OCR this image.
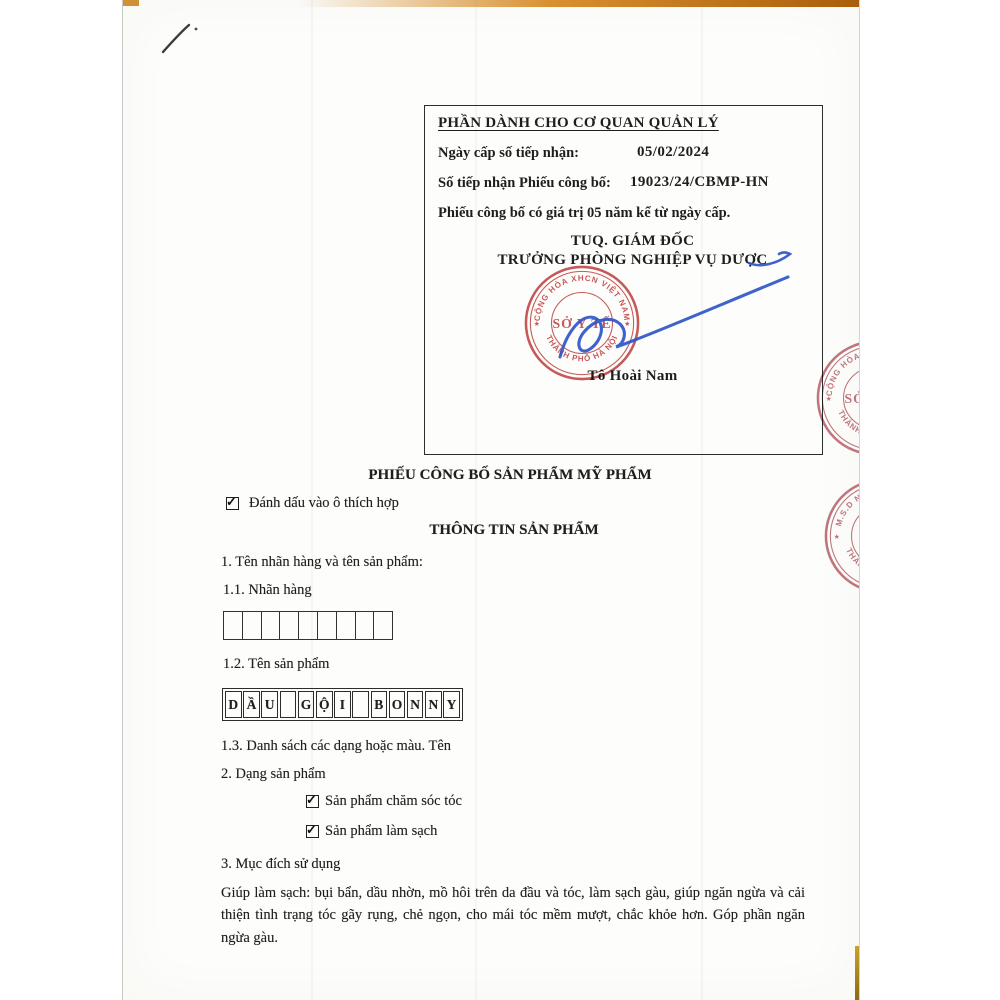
PHẦN DÀNH CHO CƠ QUAN QUẢN LÝ
Ngày cấp số tiếp nhận:	05/02/2024
Số tiếp nhận Phiếu công bố: 19023/24/CBMP-HN
Phiếu công bố có giá trị 05 năm kể từ ngày cấp.
TUQ. GIÁM ĐỐC
TRƯỞNG PHÒNG NGHIỆP VỤ DƯỢC
Tô Hoài Nam
CỘNG HÒA XHCN VIỆT NAM
THÀNH PHỐ HÀ NỘI
★	★
SỞ Y TẾ
PHIẾU CÔNG BỐ SẢN PHẨM MỸ PHẨM
✓
Đánh dấu vào ô thích hợp
THÔNG TIN SẢN PHẨM
1. Tên nhãn hàng và tên sản phẩm:
1.1. Nhãn hàng
1.2. Tên sản phẩm
D Ầ U G Ộ I	B O N N Y
1.3. Danh sách các dạng hoặc màu. Tên
2. Dạng sản phẩm
✓
Sản phẩm chăm sóc tóc
✓
Sản phẩm làm sạch
3. Mục đích sử dụng
Giúp làm sạch: bụi bẩn, dầu nhờn, mồ hôi trên da đầu và tóc, làm sạch gàu, giúp ngăn ngừa và cải thiện tình trạng tóc gãy rụng, chẻ ngọn, cho mái tóc mềm mượt, chắc khỏe hơn. Góp phần ngăn ngừa gàu.
CỘNG HÒA XHCN VIỆT NAM
THÀNH PHỐ HÀ NỘI
★ SỞ Y TẾ
M.S.D NGHIỆP VỤ DƯỢC
THÀNH PHỐ HÀ NỘI
★ 19
